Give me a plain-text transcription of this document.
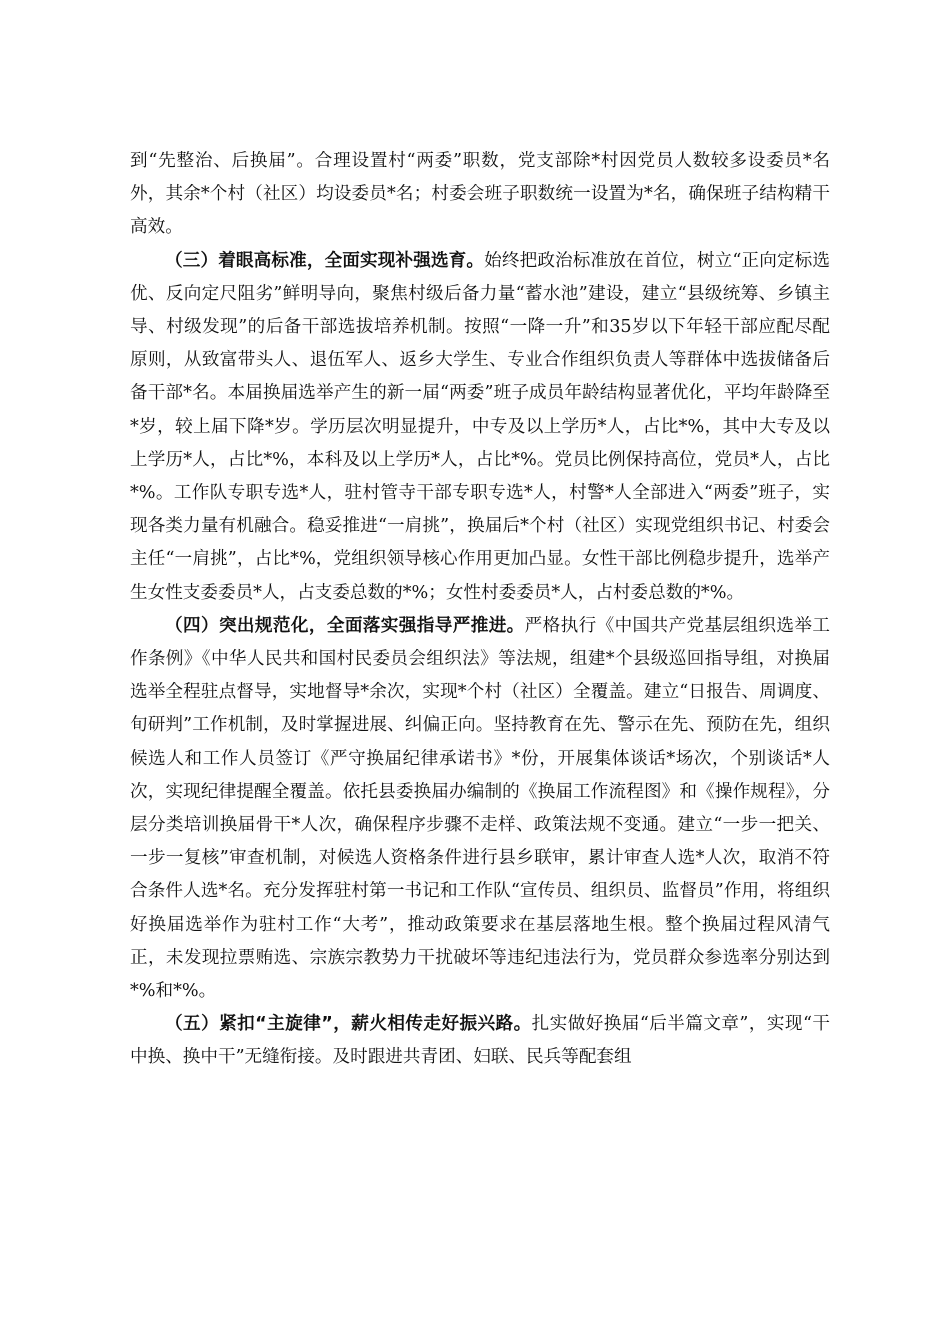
到“先整治、后换届”。合理设置村“两委”职数，党支部除*村因党员人数较多设委员*名外，其余*个村（社区）均设委员*名；村委会班子职数统一设置为*名，确保班子结构精干高效。

（三）着眼高标准，全面实现补强选育。始终把政治标准放在首位，树立“正向定标选优、反向定尺阻劣”鲜明导向，聚焦村级后备力量“蓄水池”建设，建立“县级统筹、乡镇主导、村级发现”的后备干部选拔培养机制。按照“一降一升”和35岁以下年轻干部应配尽配原则，从致富带头人、退伍军人、返乡大学生、专业合作组织负责人等群体中选拔储备后备干部*名。本届换届选举产生的新一届“两委”班子成员年龄结构显著优化，平均年龄降至*岁，较上届下降*岁。学历层次明显提升，中专及以上学历*人，占比*%，其中大专及以上学历*人，占比*%，本科及以上学历*人，占比*%。党员比例保持高位，党员*人，占比*%。工作队专职专选*人，驻村管寺干部专职专选*人，村警*人全部进入“两委”班子，实现各类力量有机融合。稳妥推进“一肩挑”，换届后*个村（社区）实现党组织书记、村委会主任“一肩挑”，占比*%，党组织领导核心作用更加凸显。女性干部比例稳步提升，选举产生女性支委委员*人，占支委总数的*%；女性村委委员*人，占村委总数的*%。

（四）突出规范化，全面落实强指导严推进。严格执行《中国共产党基层组织选举工作条例》《中华人民共和国村民委员会组织法》等法规，组建*个县级巡回指导组，对换届选举全程驻点督导，实地督导*余次，实现*个村（社区）全覆盖。建立“日报告、周调度、旬研判”工作机制，及时掌握进展、纠偏正向。坚持教育在先、警示在先、预防在先，组织候选人和工作人员签订《严守换届纪律承诺书》*份，开展集体谈话*场次，个别谈话*人次，实现纪律提醒全覆盖。依托县委换届办编制的《换届工作流程图》和《操作规程》，分层分类培训换届骨干*人次，确保程序步骤不走样、政策法规不变通。建立“一步一把关、一步一复核”审查机制，对候选人资格条件进行县乡联审，累计审查人选*人次，取消不符合条件人选*名。充分发挥驻村第一书记和工作队“宣传员、组织员、监督员”作用，将组织好换届选举作为驻村工作“大考”，推动政策要求在基层落地生根。整个换届过程风清气正，未发现拉票贿选、宗族宗教势力干扰破坏等违纪违法行为，党员群众参选率分别达到*%和*%。

（五）紧扣“主旋律”，薪火相传走好振兴路。扎实做好换届“后半篇文章”，实现“干中换、换中干”无缝衔接。及时跟进共青团、妇联、民兵等配套组
